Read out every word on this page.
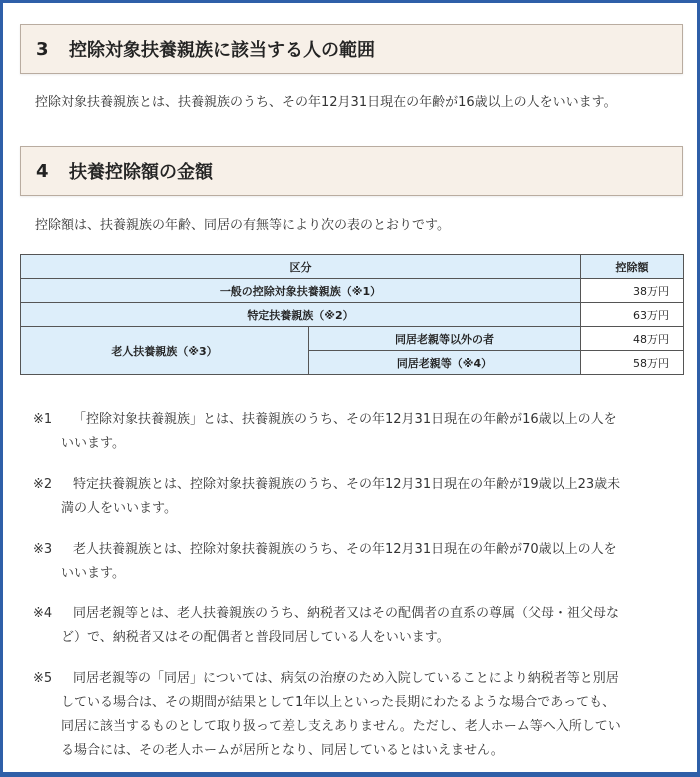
3	控除対象扶養親族に該当する人の範囲
控除対象扶養親族とは、扶養親族のうち、その年12月31日現在の年齢が16歳以上の人をいいます。
4	扶養控除額の金額
控除額は、扶養親族の年齢、同居の有無等により次の表のとおりです。
区分		控除額
一般の控除対象扶養親族（※1）		38万円
特定扶養親族（※2）		63万円
老人扶養親族（※3）	同居老親等以外の者	48万円
	同居老親等（※4）	58万円
※1	「控除対象扶養親族」とは、扶養親族のうち、その年12月31日現在の年齢が16歳以上の人を
いいます。
※2	特定扶養親族とは、控除対象扶養親族のうち、その年12月31日現在の年齢が19歳以上23歳未
満の人をいいます。
※3	老人扶養親族とは、控除対象扶養親族のうち、その年12月31日現在の年齢が70歳以上の人を
いいます。
※4	同居老親等とは、老人扶養親族のうち、納税者又はその配偶者の直系の尊属（父母・祖父母な
ど）で、納税者又はその配偶者と普段同居している人をいいます。
※5	同居老親等の「同居」については、病気の治療のため入院していることにより納税者等と別居
している場合は、その期間が結果として1年以上といった長期にわたるような場合であっても、
同居に該当するものとして取り扱って差し支えありません。ただし、老人ホーム等へ入所してい
る場合には、その老人ホームが居所となり、同居しているとはいえません。
